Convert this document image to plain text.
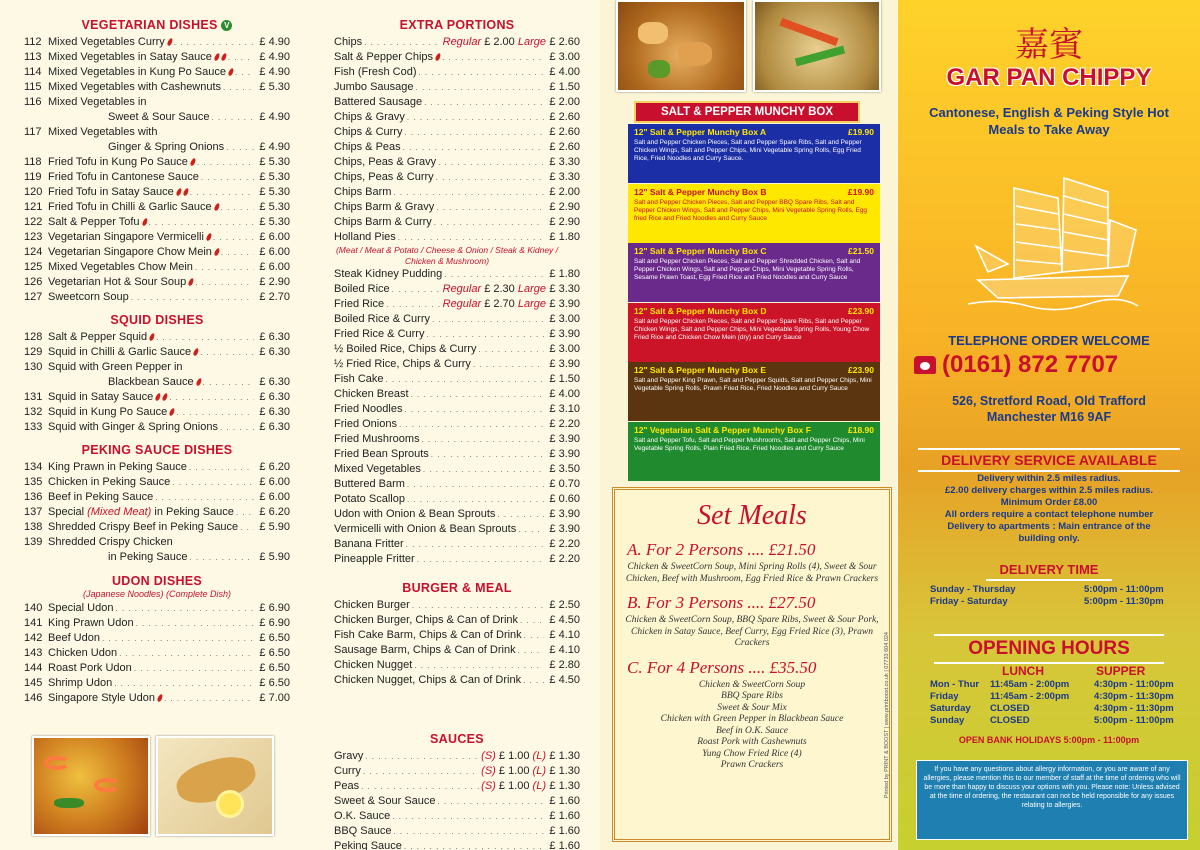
VEGETARIAN DISHES V
112 Mixed Vegetables Curry . . .	£ 4.90
113 Mixed Vegetables in Satay Sauce . . .	£ 4.90
114 Mixed Vegetables in Kung Po Sauce . . .	£ 4.90
115 Mixed Vegetables with Cashewnuts . . .	£ 5.30
116 Mixed Vegetables in
Sweet & Sour Sauce . . .	£ 4.90
117 Mixed Vegetables with
Ginger & Spring Onions . . .	£ 4.90
118 Fried Tofu in Kung Po Sauce . . .	£ 5.30
119 Fried Tofu in Cantonese Sauce . . .	£ 5.30
120 Fried Tofu in Satay Sauce . . .	£ 5.30
121 Fried Tofu in Chilli & Garlic Sauce . . .	£ 5.30
122 Salt & Pepper Tofu . . .	£ 5.30
123 Vegetarian Singapore Vermicelli . . .	£ 6.00
124 Vegetarian Singapore Chow Mein . . .	£ 6.00
125 Mixed Vegetables Chow Mein . . .	£ 6.00
126 Vegetarian Hot & Sour Soup . . .	£ 2.90
127 Sweetcorn Soup . . .	£ 2.70
SQUID DISHES
128 Salt & Pepper Squid . . .	£ 6.30
129 Squid in Chilli & Garlic Sauce . . .	£ 6.30
130 Squid with Green Pepper in
Blackbean Sauce . . .	£ 6.30
131 Squid in Satay Sauce . . .	£ 6.30
132 Squid in Kung Po Sauce . . .	£ 6.30
133 Squid with Ginger & Spring Onions . . .	£ 6.30
PEKING SAUCE DISHES
134 King Prawn in Peking Sauce . . .	£ 6.20
135 Chicken in Peking Sauce . . .	£ 6.00
136 Beef in Peking Sauce . . .	£ 6.00
137 Special (Mixed Meat) in Peking Sauce . . .	£ 6.20
138 Shredded Crispy Beef in Peking Sauce . . .	£ 5.90
139 Shredded Crispy Chicken
in Peking Sauce . . .	£ 5.90
UDON DISHES
(Japanese Noodles) (Complete Dish)
140 Special Udon . . .	£ 6.90
141 King Prawn Udon . . .	£ 6.90
142 Beef Udon . . .	£ 6.50
143 Chicken Udon . . .	£ 6.50
144 Roast Pork Udon . . .	£ 6.50
145 Shrimp Udon . . .	£ 6.50
146 Singapore Style Udon . . .	£ 7.00
EXTRA PORTIONS
Chips . . .	Regular £ 2.00 Large £ 2.60
Salt & Pepper Chips . . .	£ 3.00
Fish (Fresh Cod) . . .	£ 4.00
Jumbo Sausage . . .	£ 1.50
Battered Sausage . . .	£ 2.00
Chips & Gravy . . .	£ 2.60
Chips & Curry . . .	£ 2.60
Chips & Peas . . .	£ 2.60
Chips, Peas & Gravy . . .	£ 3.30
Chips, Peas & Curry . . .	£ 3.30
Chips Barm . . .	£ 2.00
Chips Barm & Gravy . . .	£ 2.90
Chips Barm & Curry . . .	£ 2.90
Holland Pies . . .	£ 1.80
(Meat / Meat & Potato / Cheese & Onion / Steak & Kidney / Chicken & Mushroom)
Steak Kidney Pudding . . .	£ 1.80
Boiled Rice . . .	Regular £ 2.30 Large £ 3.30
Fried Rice . . .	Regular £ 2.70 Large £ 3.90
Boiled Rice & Curry . . .	£ 3.00
Fried Rice & Curry . . .	£ 3.90
½ Boiled Rice, Chips & Curry . . .	£ 3.00
½ Fried Rice, Chips & Curry . . .	£ 3.90
Fish Cake . . .	£ 1.50
Chicken Breast . . .	£ 4.00
Fried Noodles . . .	£ 3.10
Fried Onions . . .	£ 2.20
Fried Mushrooms . . .	£ 3.90
Fried Bean Sprouts . . .	£ 3.90
Mixed Vegetables . . .	£ 3.50
Buttered Barm . . .	£ 0.70
Potato Scallop . . .	£ 0.60
Udon with Onion & Bean Sprouts . . .	£ 3.90
Vermicelli with Onion & Bean Sprouts . . .	£ 3.90
Banana Fritter . . .	£ 2.20
Pineapple Fritter . . .	£ 2.20
BURGER & MEAL
Chicken Burger . . .	£ 2.50
Chicken Burger, Chips & Can of Drink . . .	£ 4.50
Fish Cake Barm, Chips & Can of Drink . . .	£ 4.10
Sausage Barm, Chips & Can of Drink . . .	£ 4.10
Chicken Nugget . . .	£ 2.80
Chicken Nugget, Chips & Can of Drink . . .	£ 4.50
SAUCES
Gravy . . .	(S) £ 1.00 (L) £ 1.30
Curry . . .	(S) £ 1.00 (L) £ 1.30
Peas . . .	(S) £ 1.00 (L) £ 1.30
Sweet & Sour Sauce . . .	£ 1.60
O.K. Sauce . . .	£ 1.60
BBQ Sauce . . .	£ 1.60
Peking Sauce . . .	£ 1.60
SALT & PEPPER MUNCHY BOX
12" Salt & Pepper Munchy Box A	£19.90
Salt and Pepper Chicken Pieces, Salt and Pepper Spare Ribs, Salt and Pepper Chicken Wings, Salt and Pepper Chips, Mini Vegetable Spring Rolls, Egg Fried Rice, Fried Noodles and Curry Sauce.
12" Salt & Pepper Munchy Box B	£19.90
Salt and Pepper Chicken Pieces, Salt and Pepper BBQ Spare Ribs, Salt and Pepper Chicken Wings, Salt and Pepper Chips, Mini Vegetable Spring Rolls, Egg fried Rice and Fried Noodles and Curry Sauce
12" Salt & Pepper Munchy Box C	£21.50
Salt and Pepper Chicken Pieces, Salt and Pepper Shredded Chicken, Salt and Pepper Chicken Wings, Salt and Pepper Chips, Mini Vegetable Spring Rolls, Sesame Prawn Toast, Egg Fried Rice and Fried Noodles and Curry Sauce
12" Salt & Pepper Munchy Box D	£23.90
Salt and Pepper Chicken Pieces, Salt and Pepper Spare Ribs, Salt and Pepper Chicken Wings, Salt and Pepper Chips, Mini Vegetable Spring Rolls, Young Chow Fried Rice and Chicken Chow Mein (dry) and Curry Sauce
12" Salt & Pepper Munchy Box E	£23.90
Salt and Pepper King Prawn, Salt and Pepper Squids, Salt and Pepper Chips, Mini Vegetable Spring Rolls, Prawn Fried Rice, Fried Noodles and Curry Sauce
12" Vegetarian Salt & Pepper Munchy Box F	£18.90
Salt and Pepper Tofu, Salt and Pepper Mushrooms, Salt and Pepper Chips, Mini Vegetable Spring Rolls, Plain Fried Rice, Fried Noodles and Curry Sauce
Set Meals
A. For 2 Persons .... £21.50
Chicken & SweetCorn Soup, Mini Spring Rolls (4), Sweet & Sour Chicken, Beef with Mushroom, Egg Fried Rice & Prawn Crackers
B. For 3 Persons .... £27.50
Chicken & SweetCorn Soup, BBQ Spare Ribs, Sweet & Sour Pork, Chicken in Satay Sauce, Beef Curry, Egg Fried Rice (3), Prawn Crackers
C. For 4 Persons .... £35.50
Chicken & SweetCorn Soup
BBQ Spare Ribs
Sweet & Sour Mix
Chicken with Green Pepper in Blackbean Sauce
Beef in O.K. Sauce
Roast Pork with Cashewnuts
Yung Chow Fried Rice (4)
Prawn Crackers	Printed by PRINT & BOOST | www.printboost.co.uk | 07733 604 024
嘉賓
GAR PAN CHIPPY
Cantonese, English & Peking Style Hot Meals to Take Away
TELEPHONE ORDER WELCOME
(0161) 872 7707
526, Stretford Road, Old Trafford
Manchester M16 9AF
DELIVERY SERVICE AVAILABLE
Delivery within 2.5 miles radius.
£2.00 delivery charges within 2.5 miles radius.
Minimum Order £8.00
All orders require a contact telephone number
Delivery to apartments : Main entrance of the
building only.
DELIVERY TIME
Sunday - Thursday	5:00pm - 11:00pm
Friday - Saturday	5:00pm - 11:30pm
OPENING HOURS
LUNCH	SUPPER
Mon - Thur	11:45am - 2:00pm	4:30pm - 11:00pm
Friday	11:45am - 2:00pm	4:30pm - 11:30pm
Saturday	CLOSED	4:30pm - 11:30pm
Sunday	CLOSED	5:00pm - 11:00pm
OPEN BANK HOLIDAYS 5:00pm - 11:00pm
If you have any questions about allergy information, or you are aware of any allergies, please mention this to our member of staff at the time of ordering who will be more than happy to discuss your options with you. Please note: Unless advised at the time of ordering, the restaurant can not be held reponsible for any issues relating to allergies.
